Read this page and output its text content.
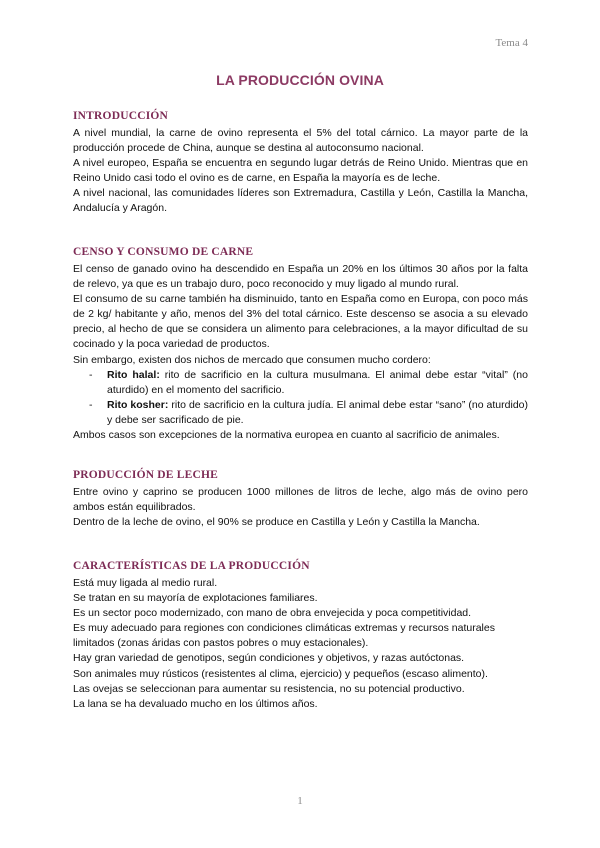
Tema 4
LA PRODUCCIÓN OVINA
INTRODUCCIÓN

A nivel mundial, la carne de ovino representa el 5% del total cárnico. La mayor parte de la producción procede de China, aunque se destina al autoconsumo nacional.

A nivel europeo, España se encuentra en segundo lugar detrás de Reino Unido. Mientras que en Reino Unido casi todo el ovino es de carne, en España la mayoría es de leche.

A nivel nacional, las comunidades líderes son Extremadura, Castilla y León, Castilla la Mancha, Andalucía y Aragón.

CENSO Y CONSUMO DE CARNE

El censo de ganado ovino ha descendido en España un 20% en los últimos 30 años por la falta de relevo, ya que es un trabajo duro, poco reconocido y muy ligado al mundo rural.

El consumo de su carne también ha disminuido, tanto en España como en Europa, con poco más de 2 kg/ habitante y año, menos del 3% del total cárnico. Este descenso se asocia a su elevado precio, al hecho de que se considera un alimento para celebraciones, a la mayor dificultad de su cocinado y la poca variedad de productos.

Sin embargo, existen dos nichos de mercado que consumen mucho cordero:

- Rito halal: rito de sacrificio en la cultura musulmana. El animal debe estar “vital” (no aturdido) en el momento del sacrificio.
- Rito kosher: rito de sacrificio en la cultura judía. El animal debe estar “sano” (no aturdido) y debe ser sacrificado de pie.

Ambos casos son excepciones de la normativa europea en cuanto al sacrificio de animales.

PRODUCCIÓN DE LECHE

Entre ovino y caprino se producen 1000 millones de litros de leche, algo más de ovino pero ambos están equilibrados.

Dentro de la leche de ovino, el 90% se produce en Castilla y León y Castilla la Mancha.

CARACTERÍSTICAS DE LA PRODUCCIÓN

Está muy ligada al medio rural.

Se tratan en su mayoría de explotaciones familiares.

Es un sector poco modernizado, con mano de obra envejecida y poca competitividad.

Es muy adecuado para regiones con condiciones climáticas extremas y recursos naturales limitados (zonas áridas con pastos pobres o muy estacionales).

Hay gran variedad de genotipos, según condiciones y objetivos, y razas autóctonas.

Son animales muy rústicos (resistentes al clima, ejercicio) y pequeños (escaso alimento).

Las ovejas se seleccionan para aumentar su resistencia, no su potencial productivo.

La lana se ha devaluado mucho en los últimos años.

1
